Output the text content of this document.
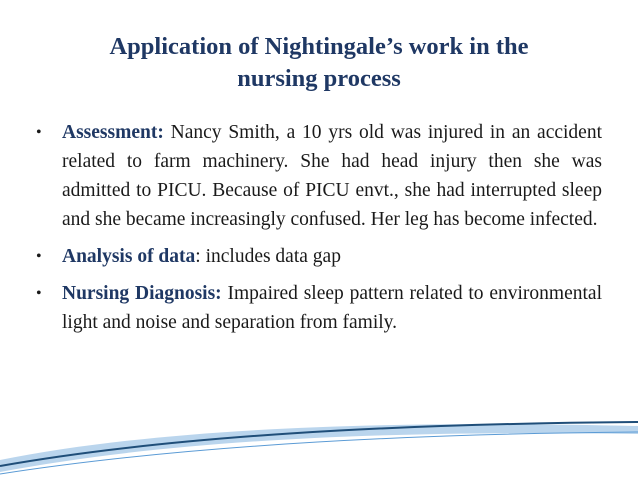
Application of Nightingale’s work in the
nursing process
• Assessment: Nancy Smith, a 10 yrs old was injured in an accident related to farm machinery. She had head injury then she was admitted to PICU. Because of PICU envt., she had interrupted sleep and she became increasingly confused. Her leg has become infected.
• Analysis of data: includes data gap
• Nursing Diagnosis: Impaired sleep pattern related to environmental light and noise and separation from family.
